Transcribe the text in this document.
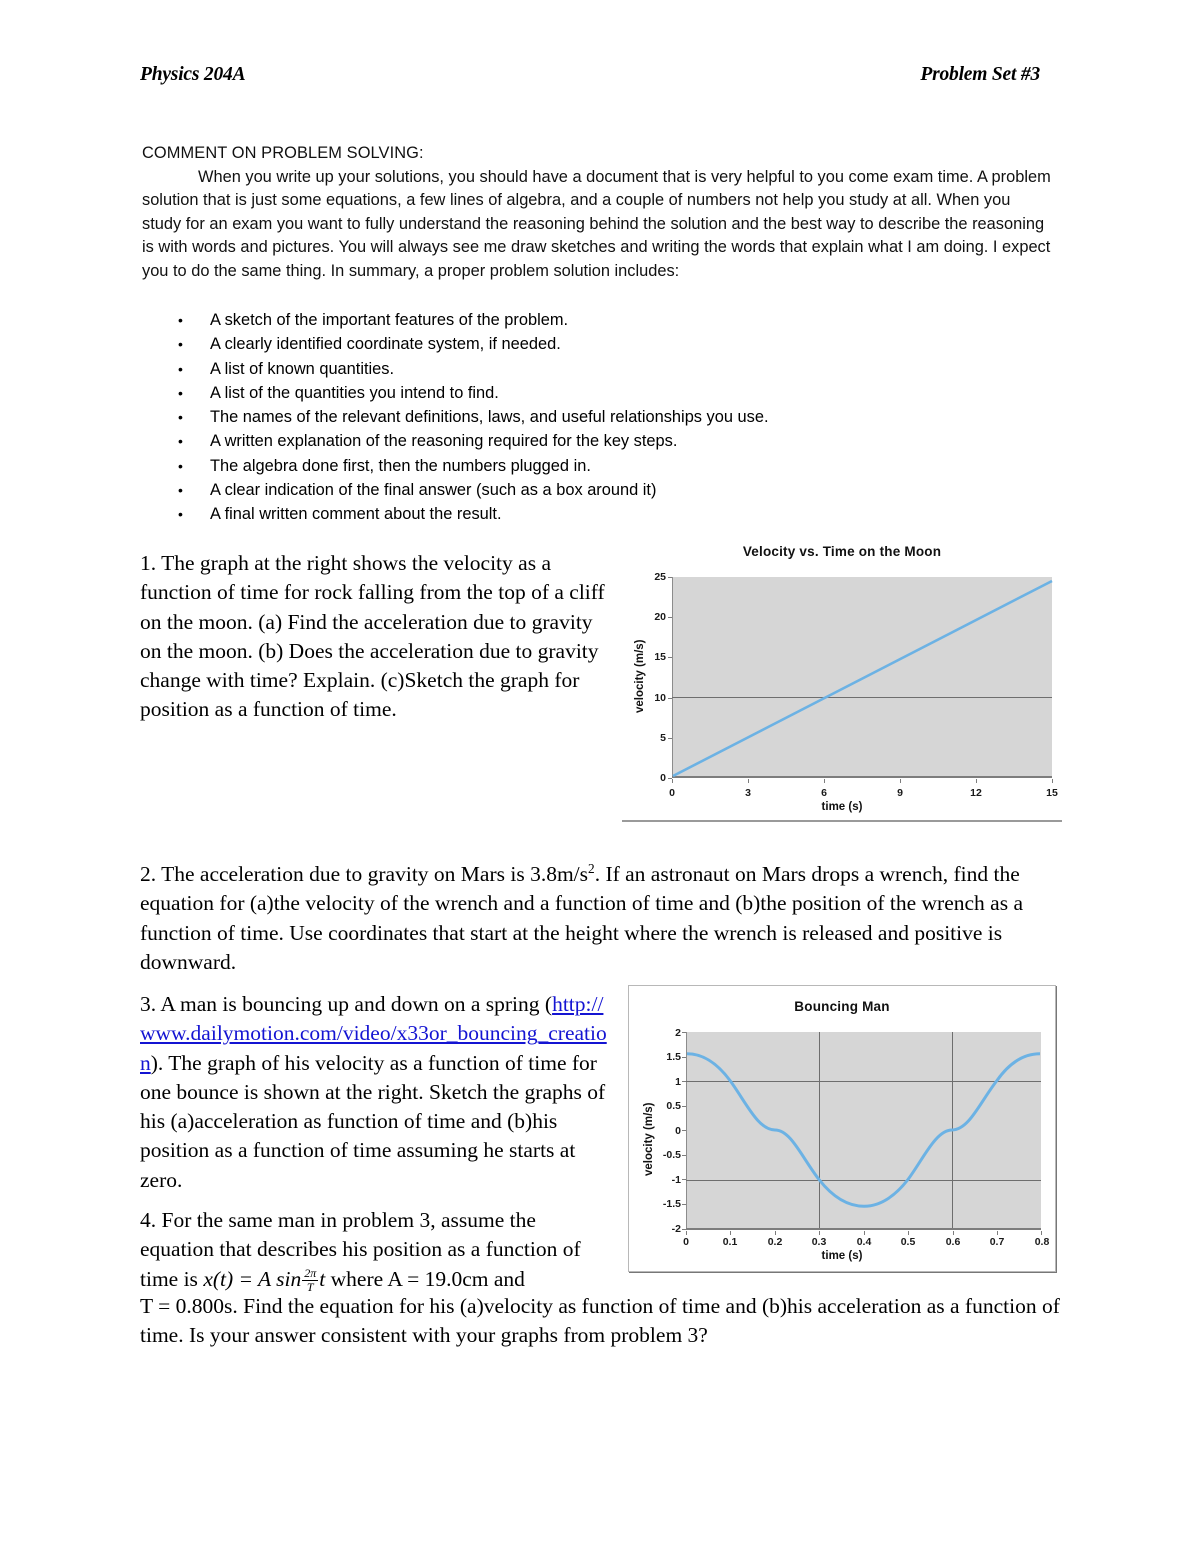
Physics 204A	Problem Set #3
COMMENT ON PROBLEM SOLVING:
When you write up your solutions, you should have a document that is very helpful to you come exam time. A problem solution that is just some equations, a few lines of algebra, and a couple of numbers not help you study at all. When you study for an exam you want to fully understand the reasoning behind the solution and the best way to describe the reasoning is with words and pictures. You will always see me draw sketches and writing the words that explain what I am doing. I expect you to do the same thing. In summary, a proper problem solution includes:
•	A sketch of the important features of the problem.
•	A clearly identified coordinate system, if needed.
•	A list of known quantities.
•	A list of the quantities you intend to find.
•	The names of the relevant definitions, laws, and useful relationships you use.
•	A written explanation of the reasoning required for the key steps.
•	The algebra done first, then the numbers plugged in.
•	A clear indication of the final answer (such as a box around it)
•	A final written comment about the result.
1. The graph at the right shows the velocity as a function of time for rock falling from the top of a cliff on the moon. (a) Find the acceleration due to gravity on the moon. (b) Does the acceleration due to gravity change with time? Explain. (c)Sketch the graph for position as a function of time.
Velocity vs. Time on the Moon
velocity (m/s)
time (s)
25
20
15
10
5
0
0	3	6	9	12	15
2. The acceleration due to gravity on Mars is $3.8m/s^2$. If an astronaut on Mars drops a wrench, find the equation for (a)the velocity of the wrench and a function of time and (b)the position of the wrench as a function of time. Use coordinates that start at the height where the wrench is released and positive is downward.
3. A man is bouncing up and down on a spring (http://www.dailymotion.com/video/x33or_bouncing_creation). The graph of his velocity as a function of time for one bounce is shown at the right. Sketch the graphs of his (a)acceleration as function of time and (b)his position as a function of time assuming he starts at zero.
Bouncing Man
velocity (m/s)
time (s)
2
1.5
1
0.5
0
-0.5
-1
-1.5
-2
0	0.1	0.2	0.3	0.4	0.5	0.6	0.7	0.8
4. For the same man in problem 3, assume the equation that describes his position as a function of time is x(t) = A $\sin \frac{2\pi}{T}$ t where A = 19.0cm and
T = 0.800s. Find the equation for his (a)velocity as function of time and (b)his acceleration as a function of time. Is your answer consistent with your graphs from problem 3?
